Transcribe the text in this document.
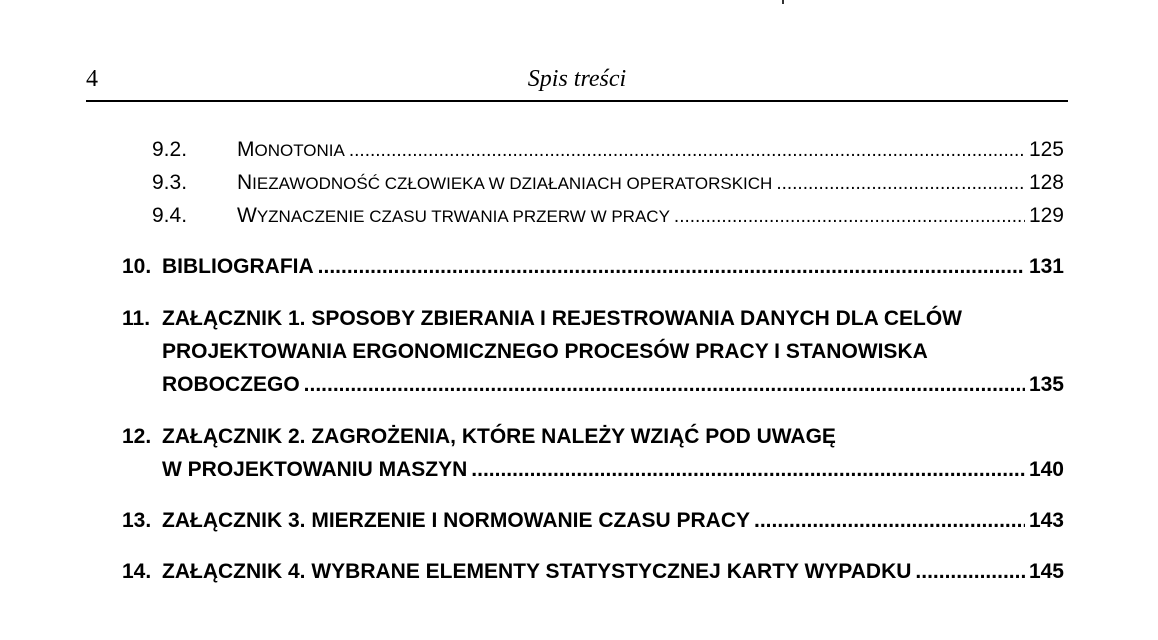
4	Spis treści
9.2.	MONOTONIA .....	125
9.3.	NIEZAWODNOŚĆ CZŁOWIEKA W DZIAŁANIACH OPERATORSKICH .....	128
9.4.	WYZNACZENIE CZASU TRWANIA PRZERW W PRACY .....	129
10. BIBLIOGRAFIA .....	131
11. ZAŁĄCZNIK 1. SPOSOBY ZBIERANIA I REJESTROWANIA DANYCH DLA CELÓW
PROJEKTOWANIA ERGONOMICZNEGO PROCESÓW PRACY I STANOWISKA
ROBOCZEGO .....	135
12. ZAŁĄCZNIK 2. ZAGROŻENIA, KTÓRE NALEŻY WZIĄĆ POD UWAGĘ
W PROJEKTOWANIU MASZYN .....	140
13. ZAŁĄCZNIK 3. MIERZENIE I NORMOWANIE CZASU PRACY .....	143
14. ZAŁĄCZNIK 4. WYBRANE ELEMENTY STATYSTYCZNEJ KARTY WYPADKU .....	145
